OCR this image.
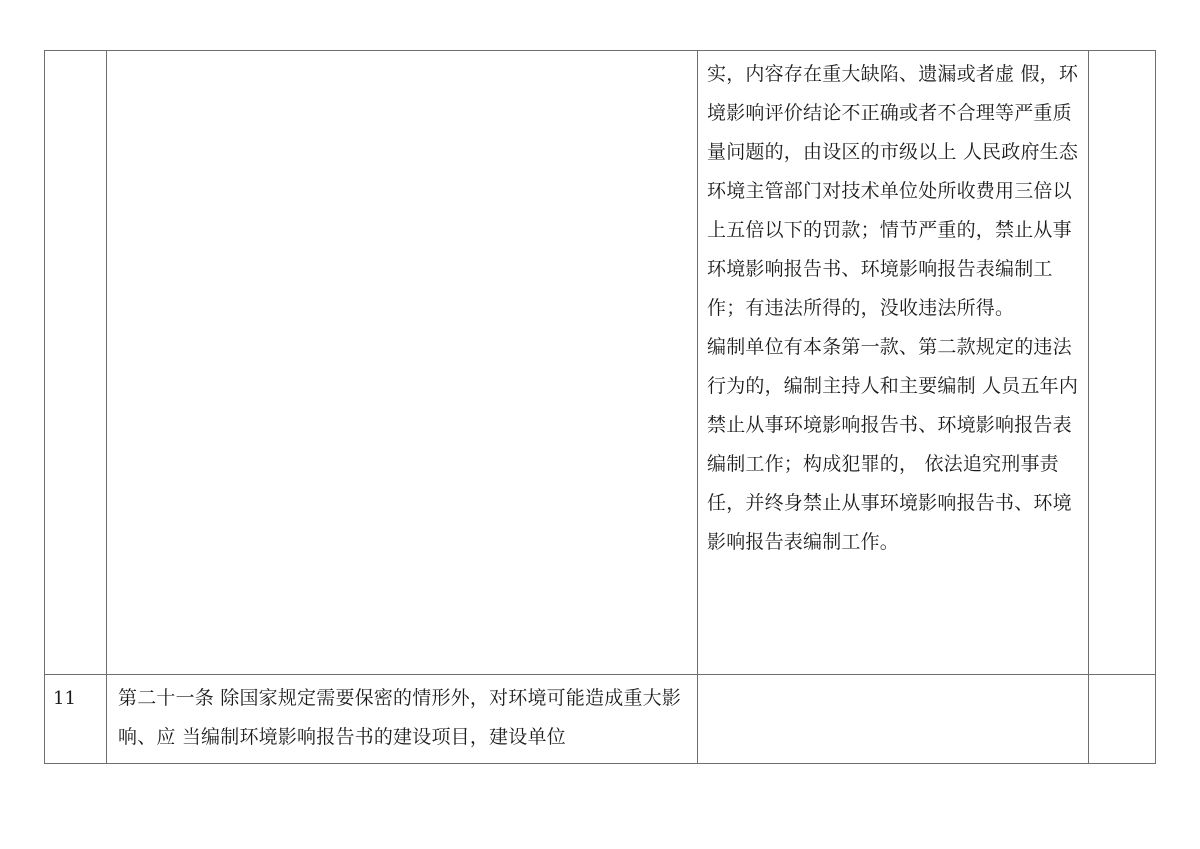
		实，内容存在重大缺陷、遗漏或者虚 假，环境影响评价结论不正确或者不合理等严重质量问题的，由设区的市级以上 人民政府生态环境主管部门对技术单位处所收费用三倍以上五倍以下的罚款；情节严重的，禁止从事环境影响报告书、环境影响报告表编制工作；有违法所得的，没收违法所得。

编制单位有本条第一款、第二款规定的违法行为的，编制主持人和主要编制 人员五年内禁止从事环境影响报告书、环境影响报告表编制工作；构成犯罪的， 依法追究刑事责任，并终身禁止从事环境影响报告书、环境影响报告表编制工作。	

11	第二十一条 除国家规定需要保密的情形外，对环境可能造成重大影响、应 当编制环境影响报告书的建设项目，建设单位		
